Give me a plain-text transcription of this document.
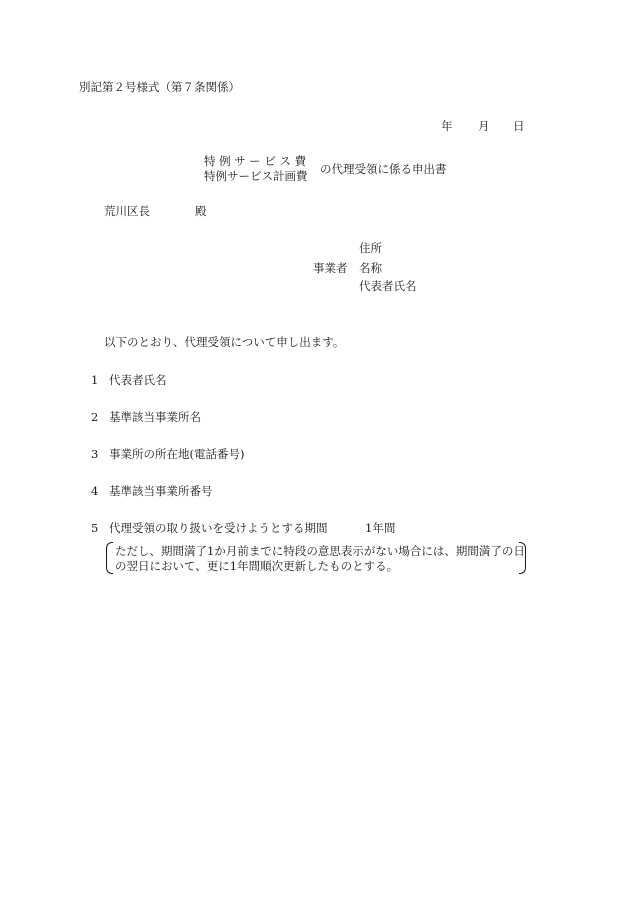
別記第２号様式（第７条関係）
年 月 日
特例サービス費
特例サービス計画費 の代理受領に係る申出書
荒川区長	殿
事業者
住所
名称
代表者氏名
以下のとおり、代理受領について申し出ます。
1 代表者氏名
2 基準該当事業所名
3 事業所の所在地(電話番号)
4 基準該当事業所番号
5 代理受領の取り扱いを受けようとする期間	1年間
ただし、期間満了1か月前までに特段の意思表示がない場合には、期間満了の日
の翌日において、更に1年間順次更新したものとする。
